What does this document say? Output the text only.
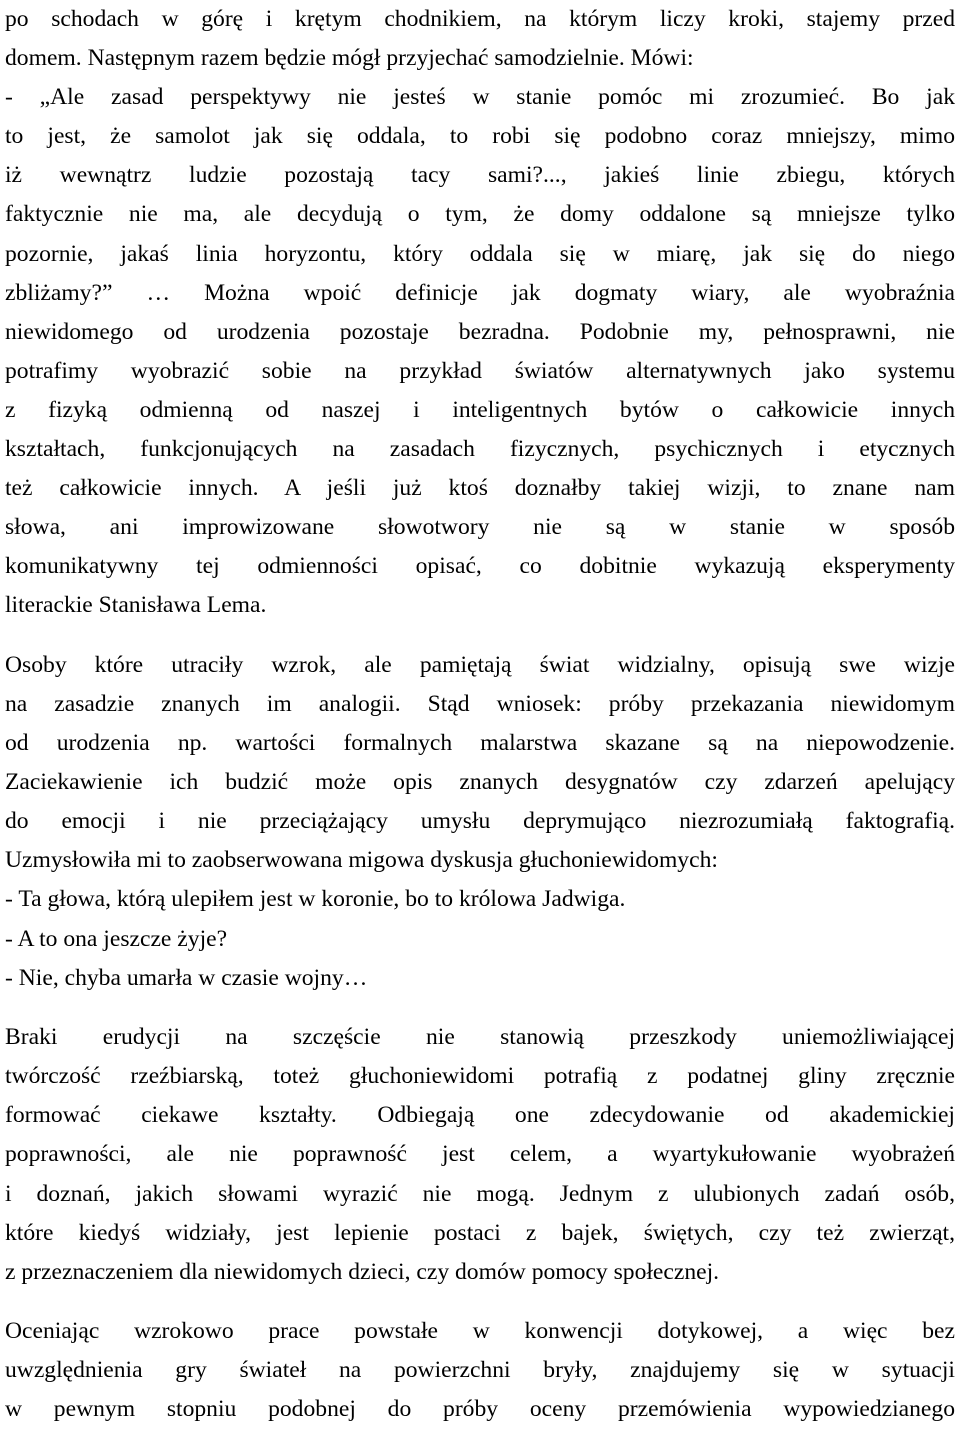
po schodach w górę i krętym chodnikiem, na którym liczy kroki, stajemy przed
domem. Następnym razem będzie mógł przyjechać samodzielnie. Mówi:
- „Ale zasad perspektywy nie jesteś w stanie pomóc mi zrozumieć. Bo jak
to jest, że samolot jak się oddala, to robi się podobno coraz mniejszy, mimo
iż wewnątrz ludzie pozostają tacy sami?..., jakieś linie zbiegu, których
faktycznie nie ma, ale decydują o tym, że domy oddalone są mniejsze tylko
pozornie, jakaś linia horyzontu, który oddala się w miarę, jak się do niego
zbliżamy?” … Można wpoić definicje jak dogmaty wiary, ale wyobraźnia
niewidomego od urodzenia pozostaje bezradna. Podobnie my, pełnosprawni, nie
potrafimy wyobrazić sobie na przykład światów alternatywnych jako systemu
z fizyką odmienną od naszej i inteligentnych bytów o całkowicie innych
kształtach, funkcjonujących na zasadach fizycznych, psychicznych i etycznych
też całkowicie innych. A jeśli już ktoś doznałby takiej wizji, to znane nam
słowa, ani improwizowane słowotwory nie są w stanie w sposób
komunikatywny tej odmienności opisać, co dobitnie wykazują eksperymenty
literackie Stanisława Lema.
Osoby które utraciły wzrok, ale pamiętają świat widzialny, opisują swe wizje
na zasadzie znanych im analogii. Stąd wniosek: próby przekazania niewidomym
od urodzenia np. wartości formalnych malarstwa skazane są na niepowodzenie.
Zaciekawienie ich budzić może opis znanych desygnatów czy zdarzeń apelujący
do emocji i nie przeciążający umysłu deprymująco niezrozumiałą faktografią.
Uzmysłowiła mi to zaobserwowana migowa dyskusja głuchoniewidomych:
- Ta głowa, którą ulepiłem jest w koronie, bo to królowa Jadwiga.
- A to ona jeszcze żyje?
- Nie, chyba umarła w czasie wojny…
Braki erudycji na szczęście nie stanowią przeszkody uniemożliwiającej
twórczość rzeźbiarską, toteż głuchoniewidomi potrafią z podatnej gliny zręcznie
formować ciekawe kształty. Odbiegają one zdecydowanie od akademickiej
poprawności, ale nie poprawność jest celem, a wyartykułowanie wyobrażeń
i doznań, jakich słowami wyrazić nie mogą. Jednym z ulubionych zadań osób,
które kiedyś widziały, jest lepienie postaci z bajek, świętych, czy też zwierząt,
z przeznaczeniem dla niewidomych dzieci, czy domów pomocy społecznej.
Oceniając wzrokowo prace powstałe w konwencji dotykowej, a więc bez
uwzględnienia gry świateł na powierzchni bryły, znajdujemy się w sytuacji
w pewnym stopniu podobnej do próby oceny przemówienia wypowiedzianego
